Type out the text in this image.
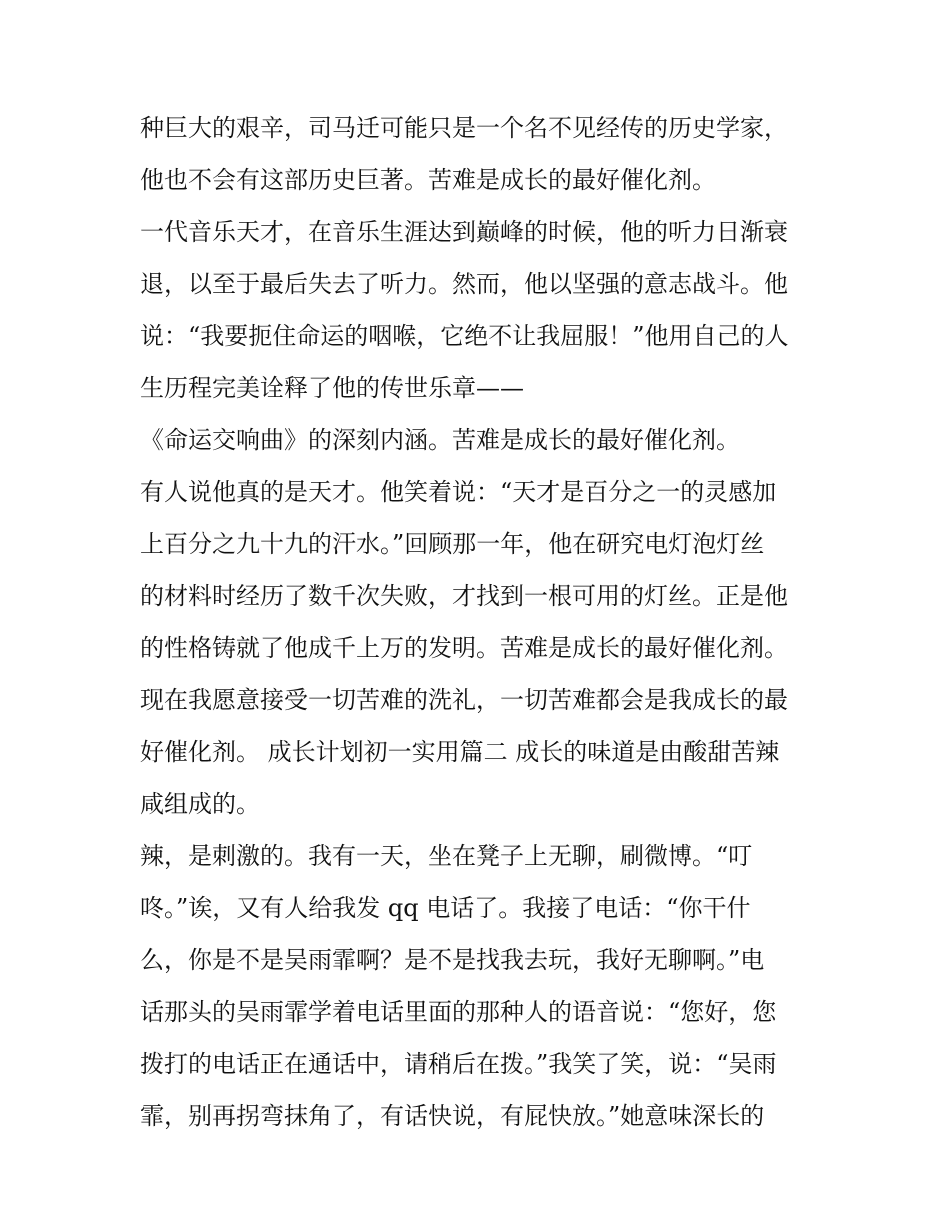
种巨大的艰辛，司马迁可能只是一个名不见经传的历史学家，
他也不会有这部历史巨著。苦难是成长的最好催化剂。
一代音乐天才，在音乐生涯达到巅峰的时候，他的听力日渐衰
退，以至于最后失去了听力。然而，他以坚强的意志战斗。他
说：“我要扼住命运的咽喉，它绝不让我屈服！”他用自己的人
生历程完美诠释了他的传世乐章——
《命运交响曲》的深刻内涵。苦难是成长的最好催化剂。
有人说他真的是天才。他笑着说：“天才是百分之一的灵感加
上百分之九十九的汗水。”回顾那一年，他在研究电灯泡灯丝
的材料时经历了数千次失败，才找到一根可用的灯丝。正是他
的性格铸就了他成千上万的发明。苦难是成长的最好催化剂。
现在我愿意接受一切苦难的洗礼，一切苦难都会是我成长的最
好催化剂。 成长计划初一实用篇二 成长的味道是由酸甜苦辣
咸组成的。
辣，是刺激的。我有一天，坐在凳子上无聊，刷微博。“叮
咚。”诶，又有人给我发 qq 电话了。我接了电话：“你干什
么，你是不是吴雨霏啊？是不是找我去玩，我好无聊啊。”电
话那头的吴雨霏学着电话里面的那种人的语音说：“您好，您
拨打的电话正在通话中，请稍后在拨。”我笑了笑，说：“吴雨
霏，别再拐弯抹角了，有话快说，有屁快放。”她意味深长的
